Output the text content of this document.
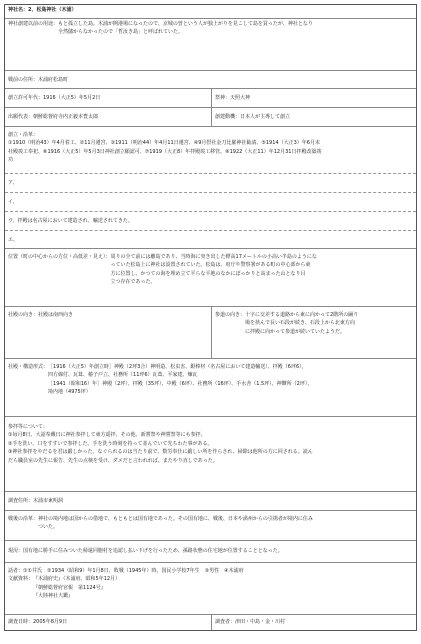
神社名：2、松島神社（木浦）
神社創建以前の用途： もと孤立した島。木浦が開港場になったので、京城の曽という人が独上がりを見こして島を買ったが、神社となり
全然儲からなかったので「哲汝き島」と呼ばれていた。
戦前の住所：木浦府松島町
創立許可年代：1916（大正5）年5月2日	祭神：天照大神
出願代表：朝鮮総督府寺内正毅本豊太郎	創建動機：日本人が主導して創立
創立・沿革：
①1910（明治43）年4月着工、②11月遷宮、③1911（明治44）年4月11日遷宮、④9月摂社金刀比羅神社勧請、⑤1914（大正3）年6月末
社殿竣工奉祀、⑥1916（大正5）年5月3日神社創立願認可、⑦1919（大正8）年拝殿竣工移管、⑧1922（大正11）年12月31日拝殿改築竣
功
ア、
イ、
ウ、拝殿は名古屋において建造され、輸送されてきた。
エ、
位置（町の中心からの方位・高低差・見え）： 周りの全て前には離島であり、当時海に突き出した標高17メートルの小高い半島のようにな
っていた松島上に神社は設置されていた。松島は、府庁や警察署がある町の中心部から東
方に位置し、かつての海を埋め立て平らな平地のなかにぽっかりと高まった山となり目
立つ存在であった。
社殿の向き：社殿は南西向き	参道の向き： 十字に交差する道路から東に向かって2階所の踊り
場を挟んで長い石段が続き、石段上から北東方向
に拝殿に向かって参道が続いていたようだ。
社殿・構造形式： ［1916（大正5）年創立時］神殿（2坪3合）神明造、松虫害、銀棒材（名古屋において建造輸送）、拝殿（6坪6），
四方線付、瓦葺、椿子戸立、社務所（11坪6）瓦葺、平家建、煉瓦
［1941（昭和16）年］神殿（2坪）、拝殿（35坪）、中殿（6坪）、社務所（16坪）、手水舎（1.5坪）、神饌所（2坪）、
境内地（4975坪）
参拝等について：
①毎月8日、大詔奉戴日に神社参拝して東方遥拝、その他、新嘗祭や神嘗祭等にも参拝。
②手を洗い、口をすすいで参拝した。手を洗う時刻を持って並んでいて先ちわた事がある。
③神社参拝をやだるを君は鍛しかった。なぐられるのは当たり前で、数労奉仕に鍛しい所を作らされ、掃除は他所の方に回される。読ん
だら職員室の先生に報告、先生の点検を受け、ダメだと言われれば、またやり直しであった。
調査住所：木浦市東明洞
戦後の沿革： 神社の境内地は国からの借地で、もともとは国有地であった。その国有地に、戦後、日本や満州からの引揚者が境内に住み
ついた。
現況：国有地に勝手に住みついた帰還同胞村を追認し払い下げを行ったため、孫路状態の住宅地が位置することとなった。
話者： ①①井氏　②1934（昭和9）年1月8日、敗戦（1945年）時、国民小学校7年生　③男性　④木浦府
文献資料： 『木浦府史』（木浦府、昭和5年12月）
『朝鮮総督府官報　第1124号』
『大陸神社大鑑』
調査日時：2005年8月9日	調査者：津田・中島・金・川村
